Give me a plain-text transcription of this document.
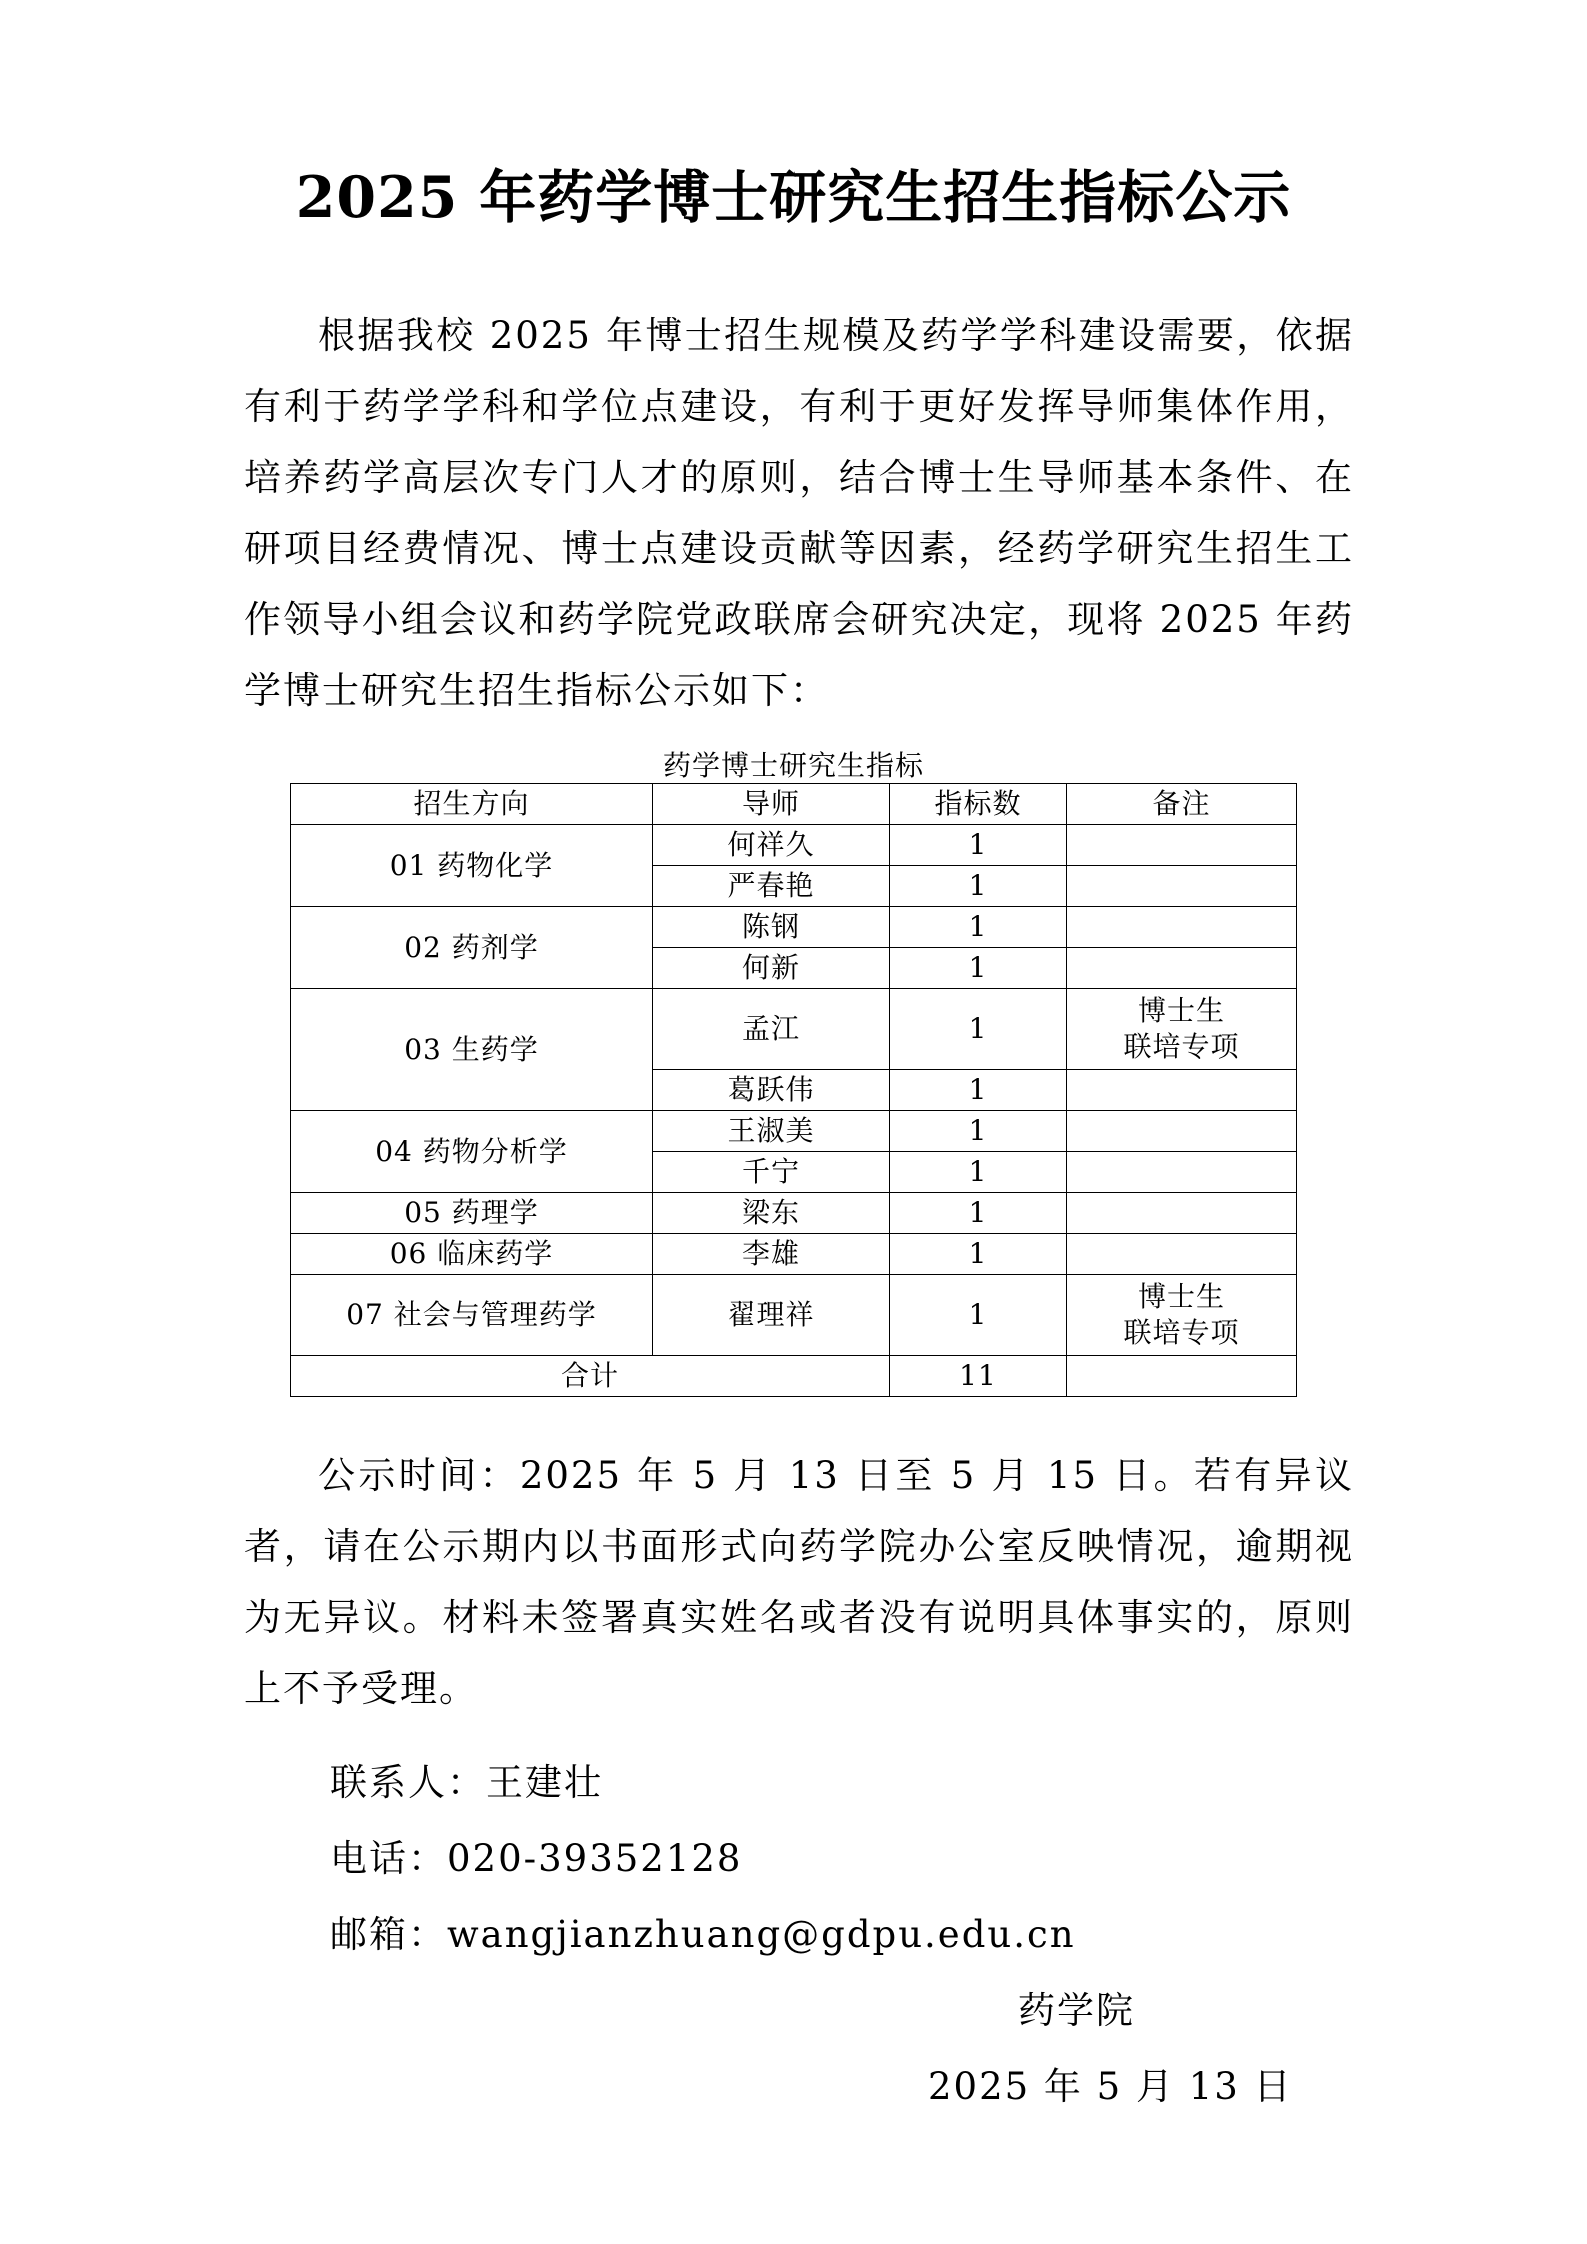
2025 年药学博士研究生招生指标公示

根据我校 2025 年博士招生规模及药学学科建设需要，依据有利于药学学科和学位点建设，有利于更好发挥导师集体作用，培养药学高层次专门人才的原则，结合博士生导师基本条件、在研项目经费情况、博士点建设贡献等因素，经药学研究生招生工作领导小组会议和药学院党政联席会研究决定，现将 2025 年药学博士研究生招生指标公示如下：

药学博士研究生指标
招生方向	导师	指标数	备注
01 药物化学	何祥久	1	
	严春艳	1	
02 药剂学	陈钢	1	
	何新	1	
03 生药学	孟江	1	博士生
联培专项

	葛跃伟	1	
04 药物分析学	王淑美	1	
	千宁	1	
05 药理学	梁东	1	
06 临床药学	李雄	1	
07 社会与管理药学	翟理祥	1	博士生
联培专项

合计		11	

公示时间：2025 年 5 月 13 日至 5 月 15 日。若有异议者，请在公示期内以书面形式向药学院办公室反映情况，逾期视为无异议。材料未签署真实姓名或者没有说明具体事实的，原则上不予受理。

联系人：王建壮
电话：020-39352128
邮箱：wangjianzhuang@gdpu.edu.cn
药学院
2025 年 5 月 13 日
